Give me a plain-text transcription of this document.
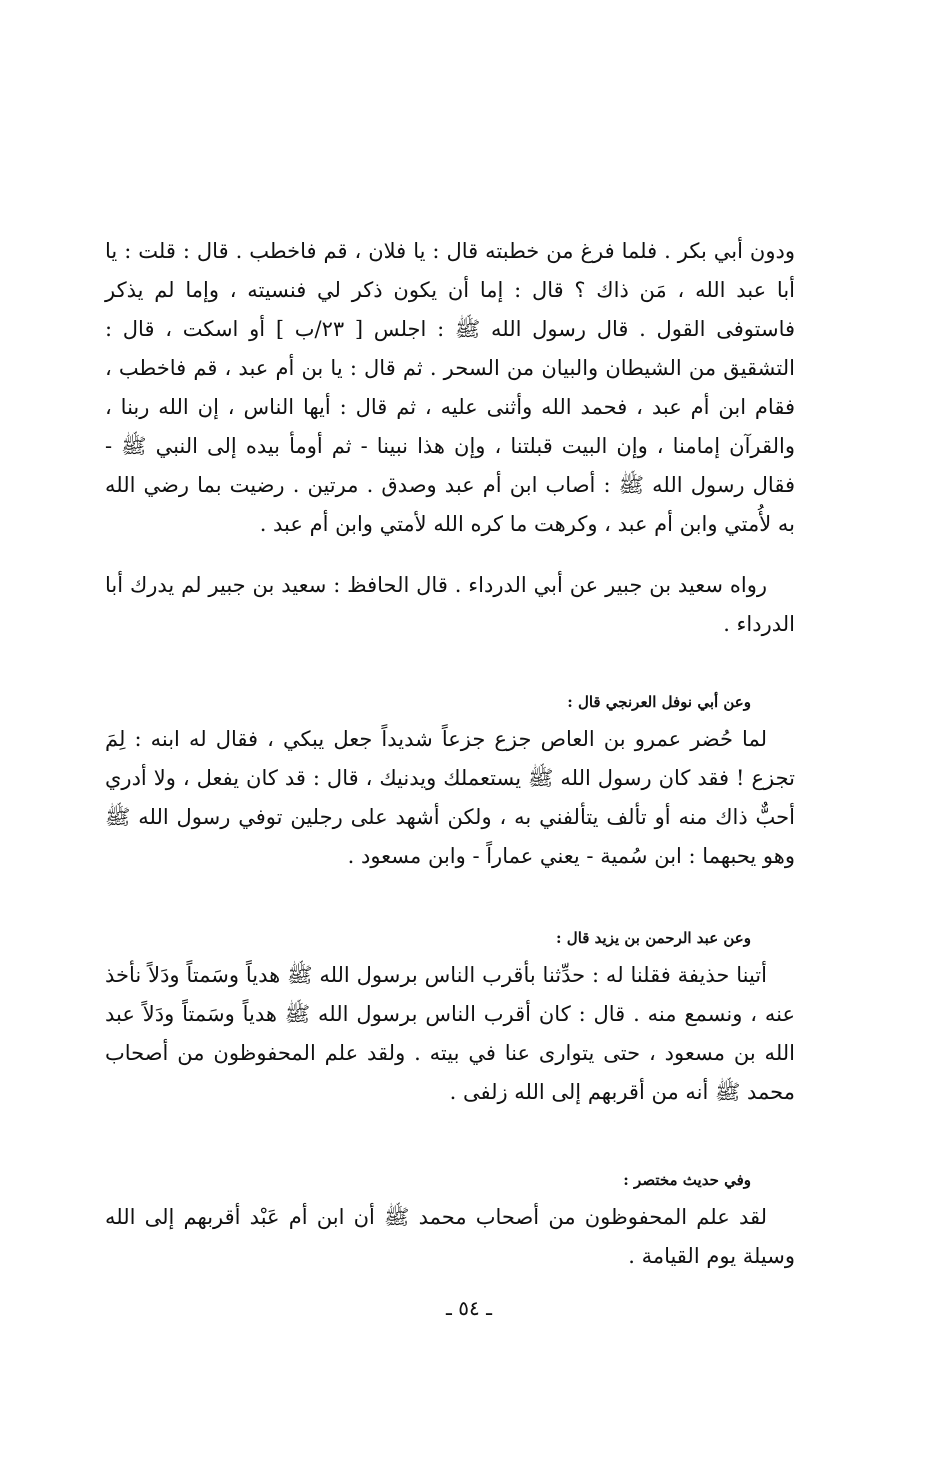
ودون أبي بكر . فلما فرغ من خطبته قال : يا فلان ، قم فاخطب . قال : قلت : يا أبا عبد الله ، مَن ذاك ؟ قال : إما أن يكون ذكر لي فنسيته ، وإما لم يذكر فاستوفى القول . قال رسول الله ﷺ : اجلس [ ٢٣/ب ] أو اسكت ، قال : التشقيق من الشيطان والبيان من السحر . ثم قال : يا بن أم عبد ، قم فاخطب ، فقام ابن أم عبد ، فحمد الله وأثنى عليه ، ثم قال : أيها الناس ، إن الله ربنا ، والقرآن إمامنا ، وإن البيت قبلتنا ، وإن هذا نبينا - ثم أومأ بيده إلى النبي ﷺ - فقال رسول الله ﷺ : أصاب ابن أم عبد وصدق . مرتين . رضيت بما رضي الله به لأُمتي وابن أم عبد ، وكرهت ما كره الله لأمتي وابن أم عبد .

رواه سعيد بن جبير عن أبي الدرداء . قال الحافظ : سعيد بن جبير لم يدرك أبا الدرداء .

وعن أبي نوفل العرنجي قال :

لما حُضر عمرو بن العاص جزع جزعاً شديداً جعل يبكي ، فقال له ابنه : لِمَ تجزع ! فقد كان رسول الله ﷺ يستعملك ويدنيك ، قال : قد كان يفعل ، ولا أدري أحبٌّ ذاك منه أو تألف يتألفني به ، ولكن أشهد على رجلين توفي رسول الله ﷺ وهو يحبهما : ابن سُمية - يعني عماراً - وابن مسعود .

وعن عبد الرحمن بن يزيد قال :

أتينا حذيفة فقلنا له : حدِّثنا بأقرب الناس برسول الله ﷺ هدياً وسَمتاً ودَلاً نأخذ عنه ، ونسمع منه . قال : كان أقرب الناس برسول الله ﷺ هدياً وسَمتاً ودَلاً عبد الله بن مسعود ، حتى يتوارى عنا في بيته . ولقد علم المحفوظون من أصحاب محمد ﷺ أنه من أقربهم إلى الله زلفى .

وفي حديث مختصر :

لقد علم المحفوظون من أصحاب محمد ﷺ أن ابن أم عَبْد أقربهم إلى الله وسيلة يوم القيامة .

ـ ٥٤ ـ
